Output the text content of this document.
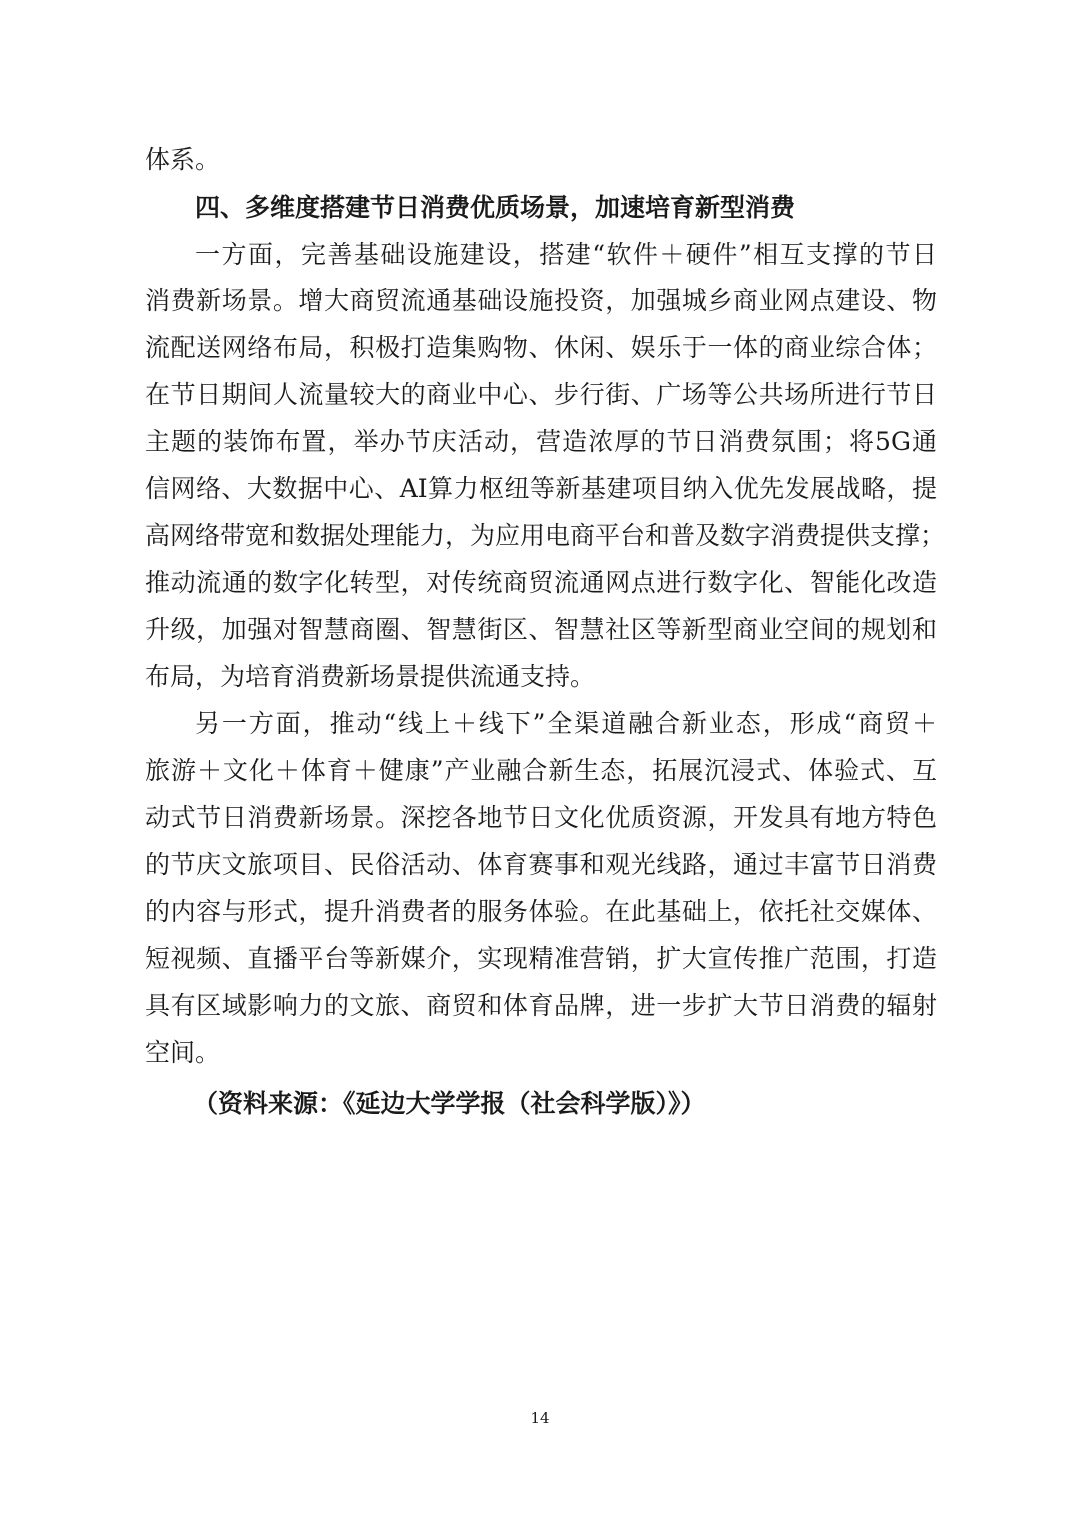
体系。

四、多维度搭建节日消费优质场景，加速培育新型消费

一方面，完善基础设施建设，搭建“软件＋硬件”相互支撑的节日

消费新场景。增大商贸流通基础设施投资，加强城乡商业网点建设、物

流配送网络布局，积极打造集购物、休闲、娱乐于一体的商业综合体；

在节日期间人流量较大的商业中心、步行街、广场等公共场所进行节日

主题的装饰布置，举办节庆活动，营造浓厚的节日消费氛围；将5G通

信网络、大数据中心、AI算力枢纽等新基建项目纳入优先发展战略，提

高网络带宽和数据处理能力，为应用电商平台和普及数字消费提供支撑；

推动流通的数字化转型，对传统商贸流通网点进行数字化、智能化改造

升级，加强对智慧商圈、智慧街区、智慧社区等新型商业空间的规划和

布局，为培育消费新场景提供流通支持。

另一方面，推动“线上＋线下”全渠道融合新业态，形成“商贸＋

旅游＋文化＋体育＋健康”产业融合新生态，拓展沉浸式、体验式、互

动式节日消费新场景。深挖各地节日文化优质资源，开发具有地方特色

的节庆文旅项目、民俗活动、体育赛事和观光线路，通过丰富节日消费

的内容与形式，提升消费者的服务体验。在此基础上，依托社交媒体、

短视频、直播平台等新媒介，实现精准营销，扩大宣传推广范围，打造

具有区域影响力的文旅、商贸和体育品牌，进一步扩大节日消费的辐射

空间。

（资料来源：《延边大学学报（社会科学版）》）

14
